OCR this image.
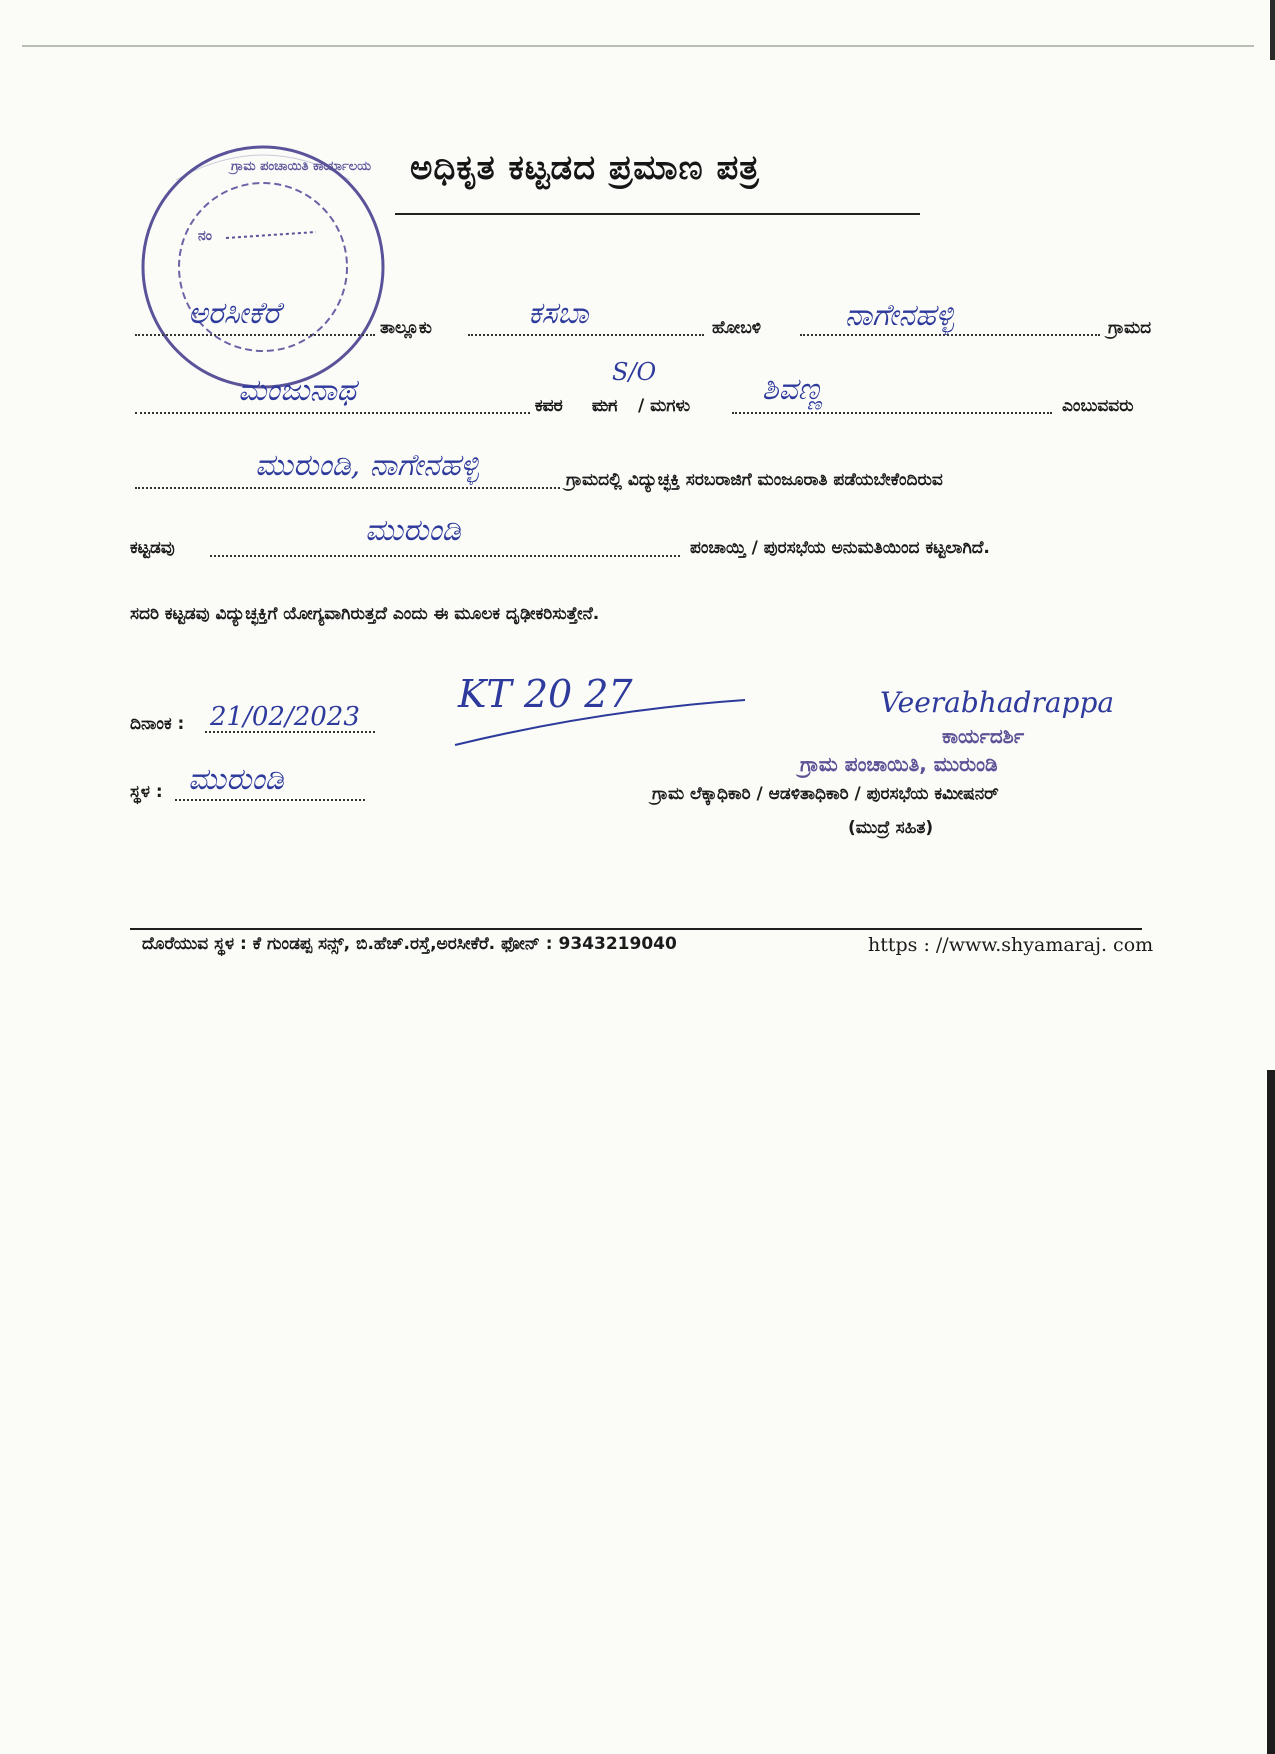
ನಂ
ಗ್ರಾಮ ಪಂಚಾಯಿತಿ ಕಾರ್ಯಾಲಯ ಅಧಿಕೃತ ಕಟ್ಟಡದ ಪ್ರಮಾಣ ಪತ್ರ
ಅರಸೀಕೆರೆ	ತಾಲ್ಲೂಕು	ಕಸಬಾ	ಹೋಬಳಿ	ನಾಗೇನಹಳ್ಳಿ	ಗ್ರಾಮದ
ಮಂಜುನಾಥ	ಕವರ
S/O
ಮಗ / ಮಗಳು ಶಿವಣ್ಣ	ಎಂಬುವವರು
ಮುರುಂಡಿ, ನಾಗೇನಹಳ್ಳಿ	ಗ್ರಾಮದಲ್ಲಿ ವಿದ್ಯುಚ್ಛಕ್ತಿ ಸರಬರಾಜಿಗೆ ಮಂಜೂರಾತಿ ಪಡೆಯಬೇಕೆಂದಿರುವ
ಕಟ್ಟಡವು	ಮುರುಂಡಿ	ಪಂಚಾಯ್ತಿ / ಪುರಸಭೆಯ ಅನುಮತಿಯಿಂದ ಕಟ್ಟಲಾಗಿದೆ.
ಸದರಿ ಕಟ್ಟಡವು ವಿದ್ಯುಚ್ಛಕ್ತಿಗೆ ಯೋಗ್ಯವಾಗಿರುತ್ತದೆ ಎಂದು ಈ ಮೂಲಕ ದೃಢೀಕರಿಸುತ್ತೇನೆ.
ದಿನಾಂಕ : 21/02/2023
KT 20 27
ಸ್ಥಳ : ಮುರುಂಡಿ
Veerabhadrappa
ಕಾರ್ಯದರ್ಶಿ
ಗ್ರಾಮ ಪಂಚಾಯಿತಿ, ಮುರುಂಡಿ
ಗ್ರಾಮ ಲೆಕ್ಕಾಧಿಕಾರಿ / ಆಡಳಿತಾಧಿಕಾರಿ / ಪುರಸಭೆಯ ಕಮೀಷನರ್
(ಮುದ್ರೆ ಸಹಿತ)
ದೊರೆಯುವ ಸ್ಥಳ : ಕೆ ಗುಂಡಪ್ಪ ಸನ್ಸ್, ಬಿ.ಹೆಚ್.ರಸ್ತೆ,ಅರಸೀಕೆರೆ. ಫೋನ್ : 9343219040	https : //www.shyamaraj. com
